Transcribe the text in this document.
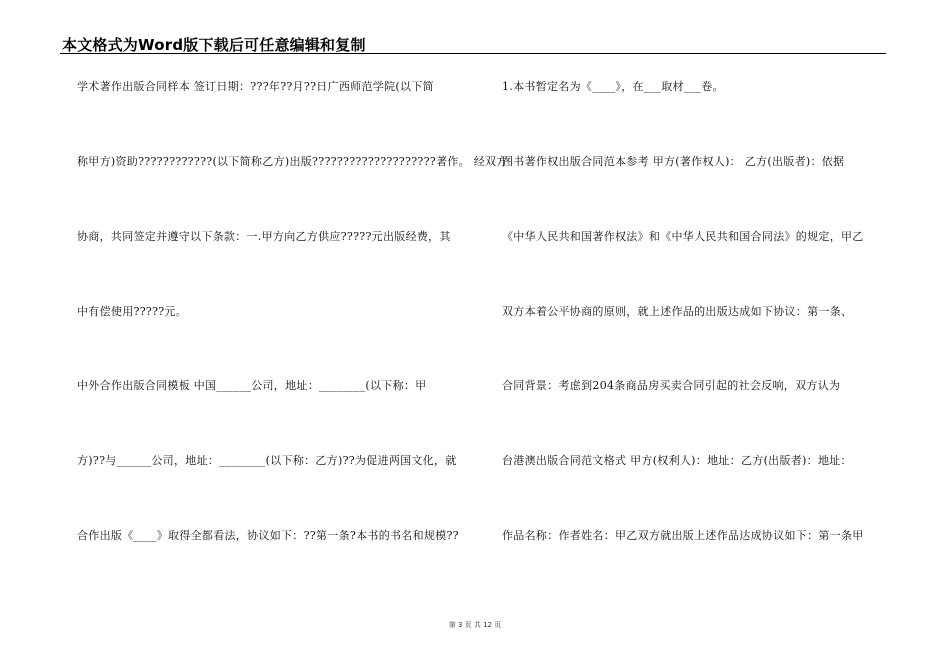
本文格式为Word版下载后可任意编辑和复制
学术著作出版合同样本 签订日期：???年??月??日广西师范学院(以下简
称甲方)资助????????????(以下简称乙方)出版????????????????????著作。 经双方
协商，共同签定并遵守以下条款：一.甲方向乙方供应?????元出版经费，其
中有偿使用?????元。
中外合作出版合同模板 中国______公司，地址：________(以下称：甲
方)??与______公司，地址：________(以下称：乙方)??为促进两国文化，就
合作出版《____》取得全都看法，协议如下：??第一条?本书的书名和规模??
1.本书暂定名为《____》，在___取材___卷。
图书著作权出版合同范本参考 甲方(著作权人)： 乙方(出版者)：依据
《中华人民共和国著作权法》和《中华人民共和国合同法》的规定，甲乙
双方本着公平协商的原则，就上述作品的出版达成如下协议：第一条、
合同背景：考虑到204条商品房买卖合同引起的社会反响，双方认为
台港澳出版合同范文格式 甲方(权利人)：地址：乙方(出版者)：地址：
作品名称：作者姓名：甲乙双方就出版上述作品达成协议如下：第一条甲
第 3 页 共 12 页
